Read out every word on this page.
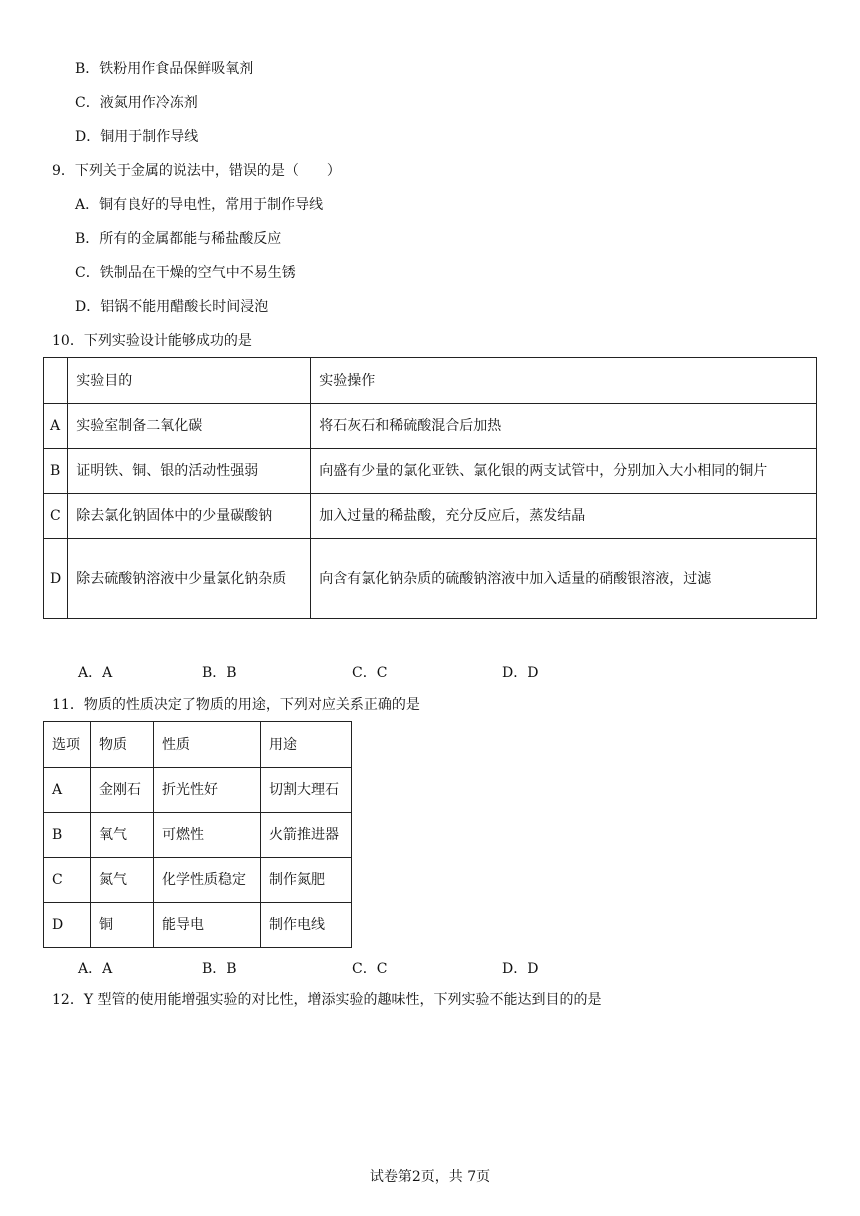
B．铁粉用作食品保鲜吸氧剂
C．液氮用作冷冻剂
D．铜用于制作导线
9．下列关于金属的说法中，错误的是（　　）
A．铜有良好的导电性，常用于制作导线
B．所有的金属都能与稀盐酸反应
C．铁制品在干燥的空气中不易生锈
D．铝锅不能用醋酸长时间浸泡
10．下列实验设计能够成功的是
	实验目的	实验操作
A	实验室制备二氧化碳	将石灰石和稀硫酸混合后加热
B	证明铁、铜、银的活动性强弱	向盛有少量的氯化亚铁、氯化银的两支试管中，分别加入大小相同的铜片
C	除去氯化钠固体中的少量碳酸钠	加入过量的稀盐酸，充分反应后，蒸发结晶
D	除去硫酸钠溶液中少量氯化钠杂质	向含有氯化钠杂质的硫酸钠溶液中加入适量的硝酸银溶液，过滤
A．A	B．B	C．C	D．D
11．物质的性质决定了物质的用途，下列对应关系正确的是
选项	物质	性质	用途
A	金刚石	折光性好	切割大理石
B	氧气	可燃性	火箭推进器
C	氮气	化学性质稳定	制作氮肥
D	铜	能导电	制作电线
A．A	B．B	C．C	D．D
12．Y 型管的使用能增强实验的对比性，增添实验的趣味性，下列实验不能达到目的的是
试卷第2页，共 7页
